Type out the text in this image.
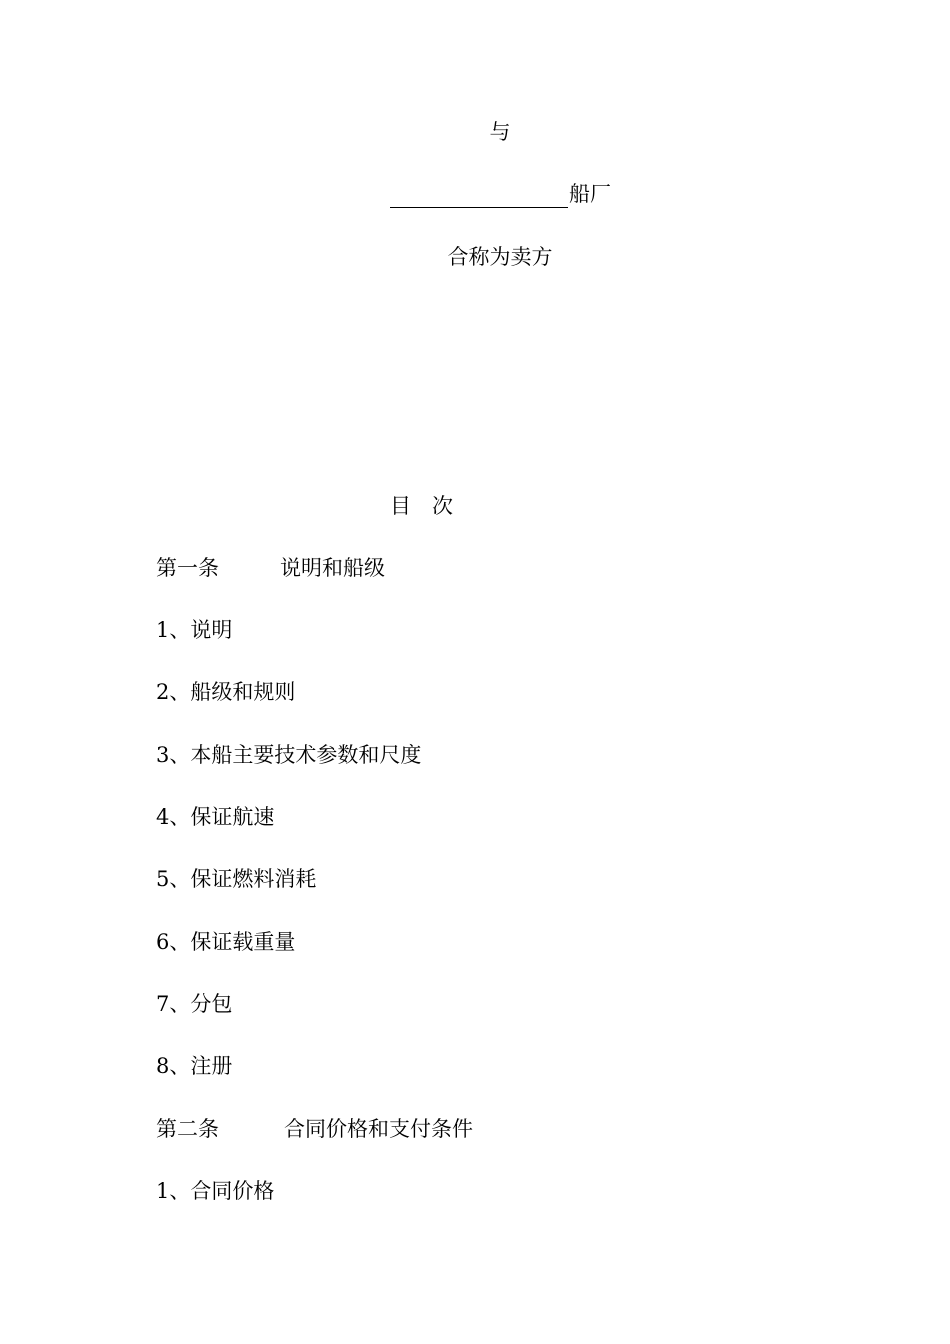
与
船厂
合称为卖方
目 次
第一条	说明和船级
1、说明
2、船级和规则
3、本船主要技术参数和尺度
4、保证航速
5、保证燃料消耗
6、保证载重量
7、分包
8、注册
第二条	合同价格和支付条件
1、合同价格
